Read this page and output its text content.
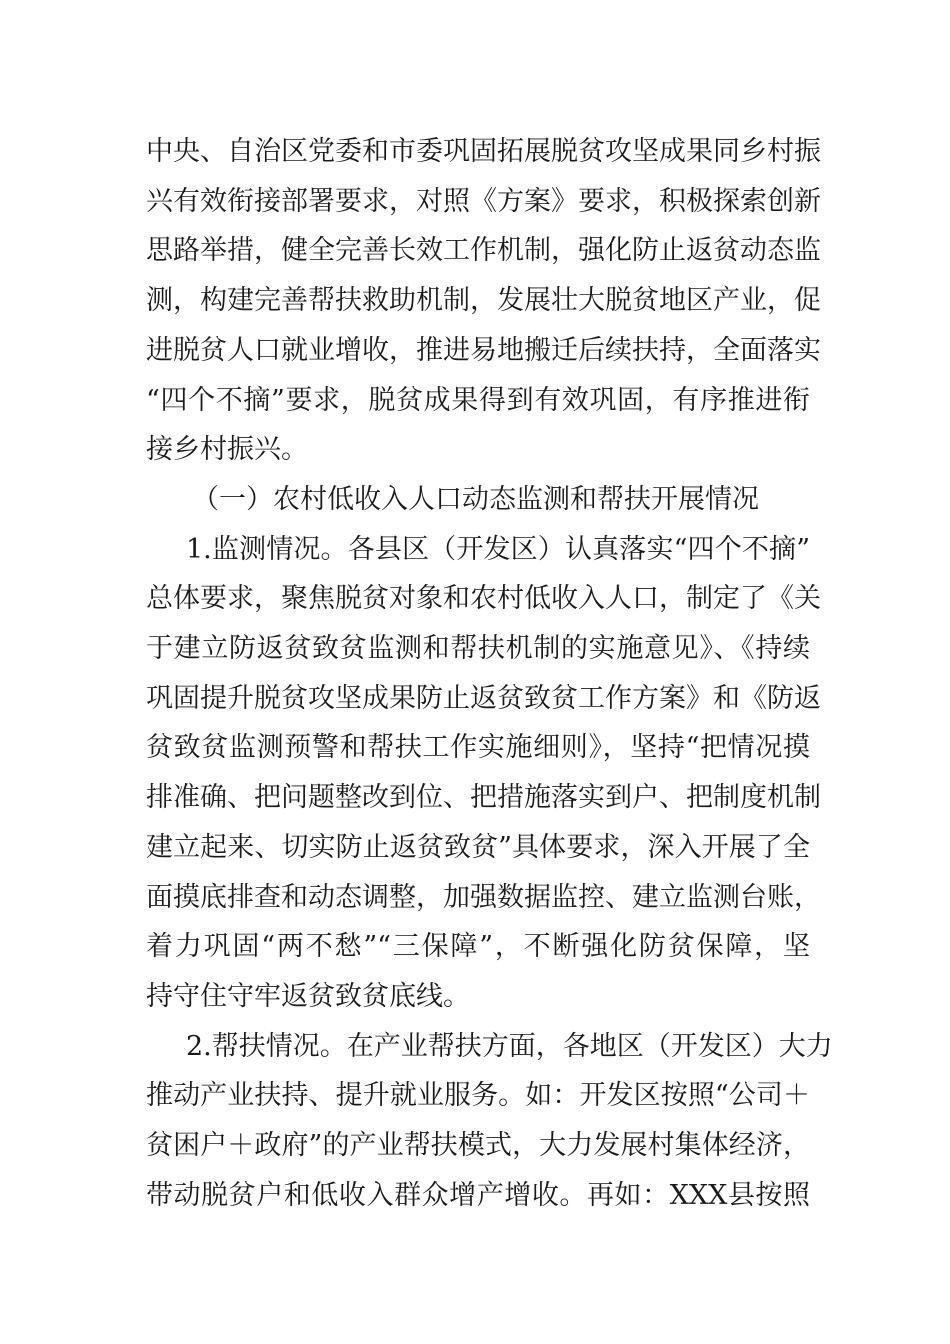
中央、自治区党委和市委巩固拓展脱贫攻坚成果同乡村振
兴有效衔接部署要求，对照《方案》要求，积极探索创新
思路举措，健全完善长效工作机制，强化防止返贫动态监
测，构建完善帮扶救助机制，发展壮大脱贫地区产业，促
进脱贫人口就业增收，推进易地搬迁后续扶持，全面落实
“四个不摘”要求，脱贫成果得到有效巩固，有序推进衔
接乡村振兴。
（一）农村低收入人口动态监测和帮扶开展情况
1.监测情况。各县区（开发区）认真落实“四个不摘”
总体要求，聚焦脱贫对象和农村低收入人口，制定了《关
于建立防返贫致贫监测和帮扶机制的实施意见》、《持续
巩固提升脱贫攻坚成果防止返贫致贫工作方案》和《防返
贫致贫监测预警和帮扶工作实施细则》，坚持“把情况摸
排准确、把问题整改到位、把措施落实到户、把制度机制
建立起来、切实防止返贫致贫”具体要求，深入开展了全
面摸底排查和动态调整，加强数据监控、建立监测台账，
着力巩固“两不愁”“三保障”，不断强化防贫保障，坚
持守住守牢返贫致贫底线。
2.帮扶情况。在产业帮扶方面，各地区（开发区）大力
推动产业扶持、提升就业服务。如：开发区按照“公司＋
贫困户＋政府”的产业帮扶模式，大力发展村集体经济，
带动脱贫户和低收入群众增产增收。再如：XXX县按照
